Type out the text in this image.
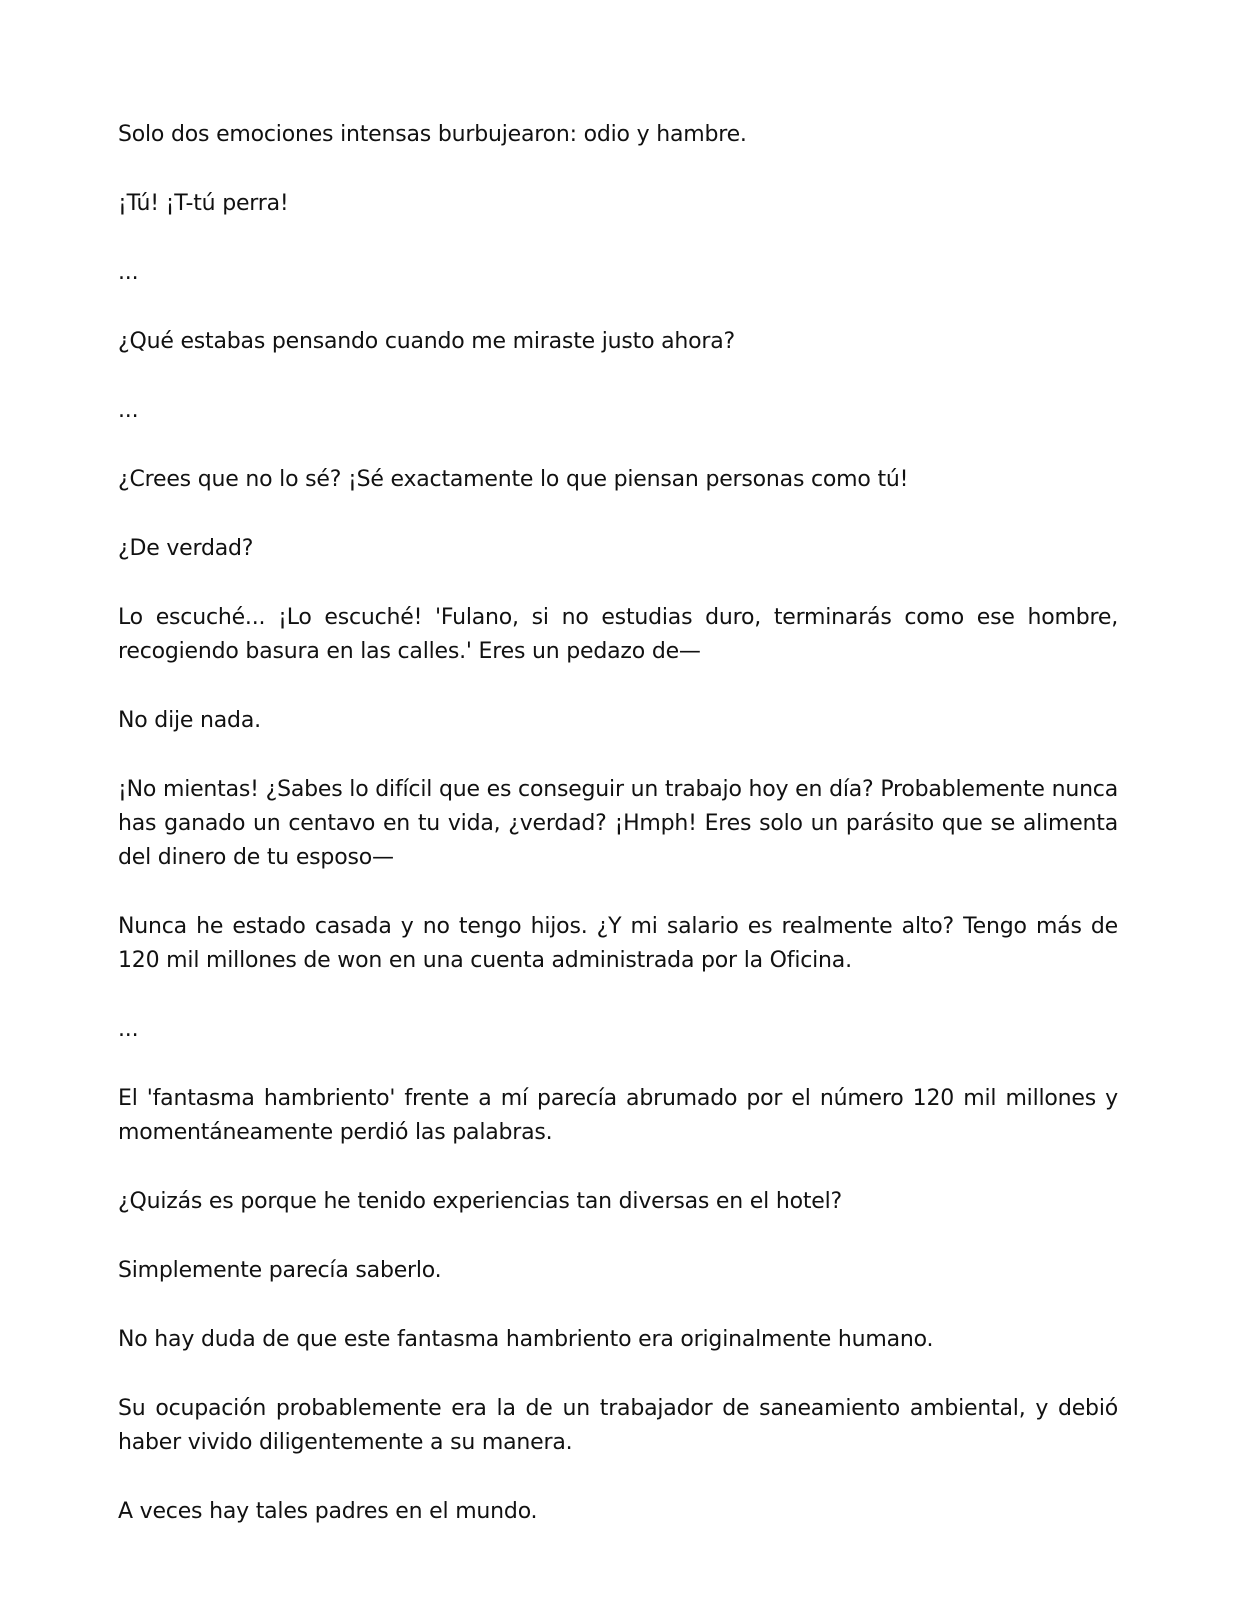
Solo dos emociones intensas burbujearon: odio y hambre.

¡Tú! ¡T-tú perra!

...

¿Qué estabas pensando cuando me miraste justo ahora?

...

¿Crees que no lo sé? ¡Sé exactamente lo que piensan personas como tú!

¿De verdad?

Lo escuché... ¡Lo escuché! 'Fulano, si no estudias duro, terminarás como ese hombre, recogiendo basura en las calles.' Eres un pedazo de—

No dije nada.

¡No mientas! ¿Sabes lo difícil que es conseguir un trabajo hoy en día? Probablemente nunca has ganado un centavo en tu vida, ¿verdad? ¡Hmph! Eres solo un parásito que se alimenta del dinero de tu esposo—

Nunca he estado casada y no tengo hijos. ¿Y mi salario es realmente alto? Tengo más de 120 mil millones de won en una cuenta administrada por la Oficina.

...

El 'fantasma hambriento' frente a mí parecía abrumado por el número 120 mil millones y momentáneamente perdió las palabras.

¿Quizás es porque he tenido experiencias tan diversas en el hotel?

Simplemente parecía saberlo.

No hay duda de que este fantasma hambriento era originalmente humano.

Su ocupación probablemente era la de un trabajador de saneamiento ambiental, y debió haber vivido diligentemente a su manera.

A veces hay tales padres en el mundo.
